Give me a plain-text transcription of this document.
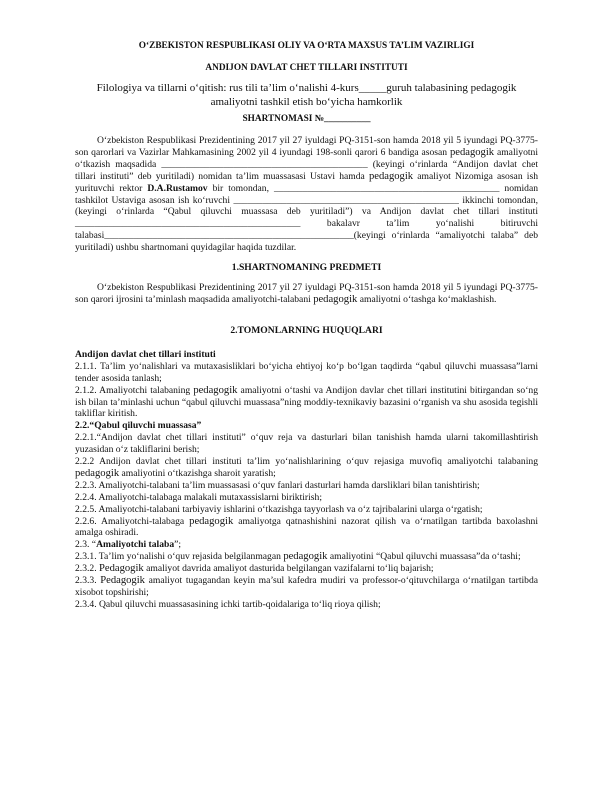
O‘ZBEKISTON RESPUBLIKASI OLIY VA O‘RTA MAXSUS TA’LIM VAZIRLIGI
ANDIJON DAVLAT CHET TILLARI INSTITUTI
Filologiya va tillarni o‘qitish: rus tili ta’lim o‘nalishi 4-kurs_____guruh talabasining pedagogik
amaliyotni tashkil etish bo‘yicha hamkorlik
SHARTNOMASI №__________
O‘zbekiston Respublikasi Prezidentining 2017 yil 27 iyuldagi PQ-3151-son hamda 2018 yil 5 iyundagi PQ-3775-son qarorlari va Vazirlar Mahkamasining 2002 yil 4 iyundagi 198-sonli qarori 6 bandiga asosan pedagogik amaliyotni o‘tkazish maqsadida ___________________________________________ (keyingi o‘rinlarda “Andijon davlat chet tillari instituti” deb yuritiladi) nomidan ta’lim muassasasi Ustavi hamda pedagogik amaliyot Nizomiga asosan ish yurituvchi rektor D.A.Rustamov bir tomondan, _______________________________________________ nomidan tashkilot Ustaviga asosan ish ko‘ruvchi _______________________________________________ ikkinchi tomondan, (keyingi o‘rinlarda “Qabul qiluvchi muassasa deb yuritiladi”) va Andijon davlat chet tillari instituti _______________________________________________ bakalavr ta’lim yo‘nalishi bitiruvchi talabasi____________________________________________________(keyingi o‘rinlarda “amaliyotchi talaba” deb yuritiladi) ushbu shartnomani quyidagilar haqida tuzdilar.
1.SHARTNOMANING PREDMETI
O‘zbekiston Respublikasi Prezidentining 2017 yil 27 iyuldagi PQ-3151-son hamda 2018 yil 5 iyundagi PQ-3775-son qarori ijrosini ta’minlash maqsadida amaliyotchi-talabani pedagogik amaliyotni o‘tashga ko‘maklashish.
2.TOMONLARNING HUQUQLARI
Andijon davlat chet tillari instituti
2.1.1. Ta’lim yo‘nalishlari va mutaxasisliklari bo‘yicha ehtiyoj ko‘p bo‘lgan taqdirda “qabul qiluvchi muassasa”larni tender asosida tanlash;
2.1.2. Amaliyotchi talabaning pedagogik amaliyotni o‘tashi va Andijon davlar chet tillari institutini bitirgandan so‘ng ish bilan ta’minlashi uchun “qabul qiluvchi muassasa”ning moddiy-texnikaviy bazasini o‘rganish va shu asosida tegishli takliflar kiritish.
2.2.“Qabul qiluvchi muassasa”
2.2.1.“Andijon davlat chet tillari instituti” o‘quv reja va dasturlari bilan tanishish hamda ularni takomillashtirish yuzasidan o‘z takliflarini berish;
2.2.2 Andijon davlat chet tillari instituti ta’lim yo‘nalishlarining o‘quv rejasiga muvofiq amaliyotchi talabaning pedagogik amaliyotini o‘tkazishga sharoit yaratish;
2.2.3. Amaliyotchi-talabani ta’lim muassasasi o‘quv fanlari dasturlari hamda darsliklari bilan tanishtirish;
2.2.4. Amaliyotchi-talabaga malakali mutaxassislarni biriktirish;
2.2.5. Amaliyotchi-talabani tarbiyaviy ishlarini o‘tkazishga tayyorlash va o‘z tajribalarini ularga o‘rgatish;
2.2.6. Amaliyotchi-talabaga pedagogik amaliyotga qatnashishini nazorat qilish va o‘rnatilgan tartibda baxolashni amalga oshiradi.
2.3. “Amaliyotchi talaba”;
2.3.1. Ta’lim yo‘nalishi o‘quv rejasida belgilanmagan pedagogik amaliyotini “Qabul qiluvchi muassasa”da o‘tashi;
2.3.2. Pedagogik amaliyot davrida amaliyot dasturida belgilangan vazifalarni to‘liq bajarish;
2.3.3. Pedagogik amaliyot tugagandan keyin ma’sul kafedra mudiri va professor-o‘qituvchilarga o‘rnatilgan tartibda xisobot topshirishi;
2.3.4. Qabul qiluvchi muassasasining ichki tartib-qoidalariga to‘liq rioya qilish;
